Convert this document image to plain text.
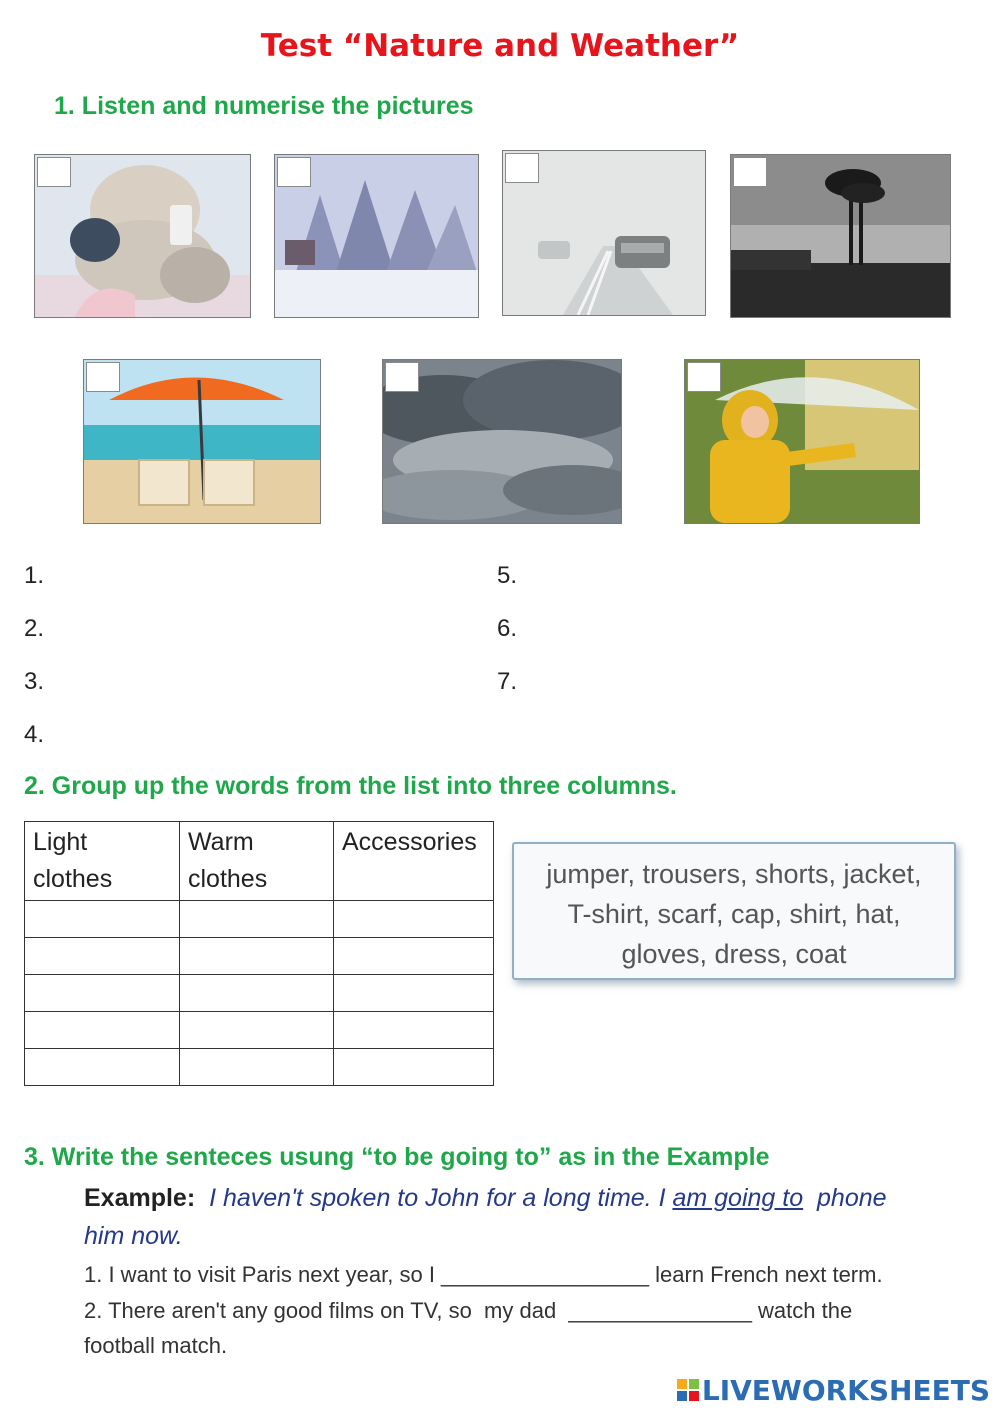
Test “Nature and Weather”
1. Listen and numerise the pictures
1.
2.
3.
4.
5.
6.
7.
2. Group up the words from the list into three columns.
Light clothes	Warm clothes	Accessories

jumper, trousers, shorts, jacket,
T-shirt, scarf, cap, shirt, hat,
gloves, dress, coat
3. Write the senteces usung “to be going to” as in the Example
Example: I haven't spoken to John for a long time. I am going to phone
him now.
1. I want to visit Paris next year, so I _________________ learn French next term.
2. There aren't any good films on TV, so  my dad  _______________ watch the
football match.
LIVEWORKSHEETS
